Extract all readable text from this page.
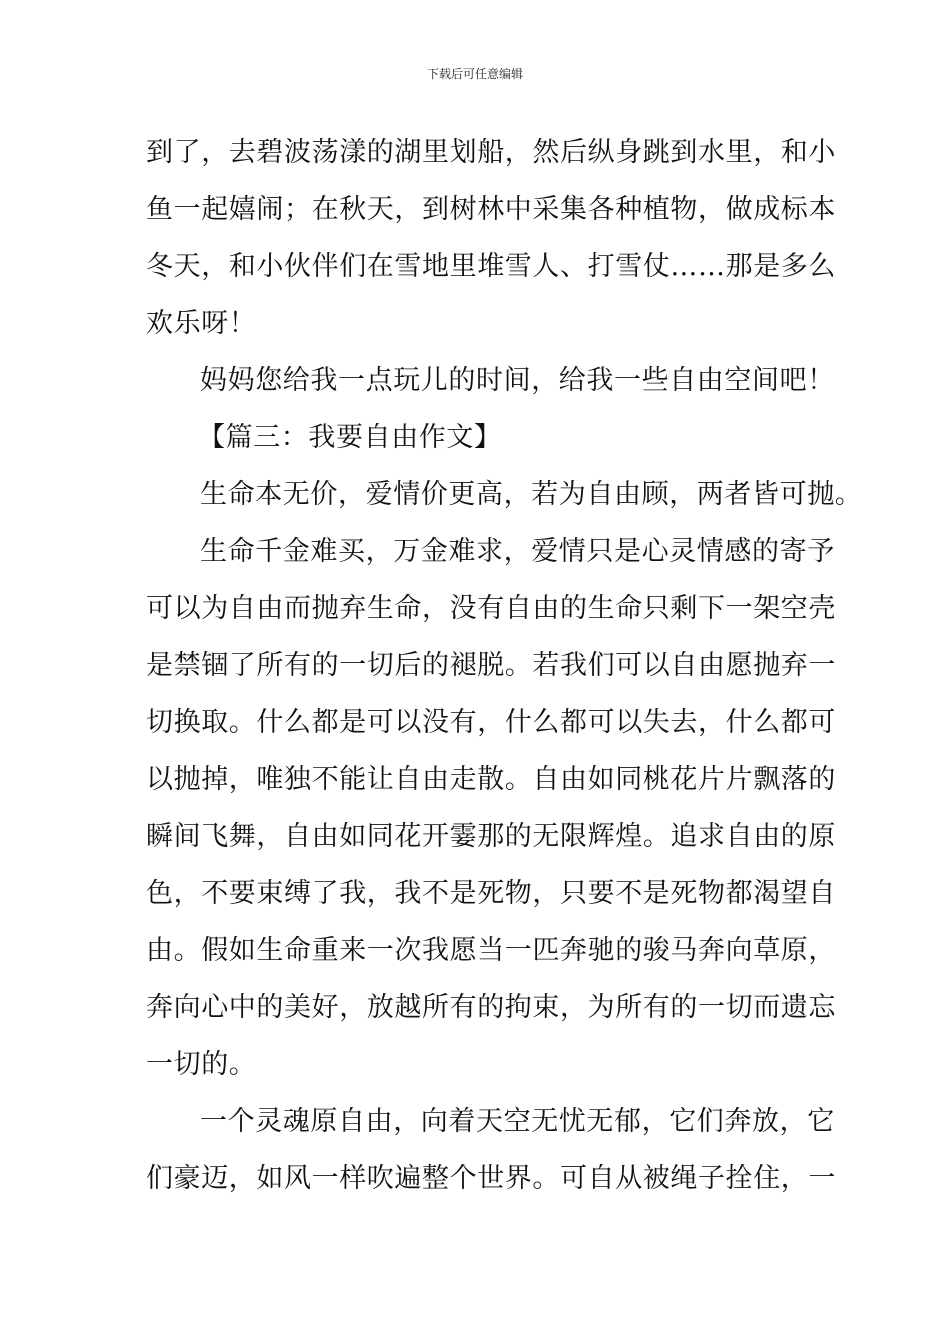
下载后可任意编辑
到了，去碧波荡漾的湖里划船，然后纵身跳到水里，和小
鱼一起嬉闹；在秋天，到树林中采集各种植物，做成标本
冬天，和小伙伴们在雪地里堆雪人、打雪仗……那是多么
欢乐呀！
妈妈您给我一点玩儿的时间，给我一些自由空间吧！
【篇三：我要自由作文】
生命本无价，爱情价更高，若为自由顾，两者皆可抛。
生命千金难买，万金难求，爱情只是心灵情感的寄予
可以为自由而抛弃生命，没有自由的生命只剩下一架空壳
是禁锢了所有的一切后的褪脱。若我们可以自由愿抛弃一
切换取。什么都是可以没有，什么都可以失去，什么都可
以抛掉，唯独不能让自由走散。自由如同桃花片片飘落的
瞬间飞舞，自由如同花开霎那的无限辉煌。追求自由的原
色，不要束缚了我，我不是死物，只要不是死物都渴望自
由。假如生命重来一次我愿当一匹奔驰的骏马奔向草原，
奔向心中的美好，放越所有的拘束，为所有的一切而遗忘
一切的。
一个灵魂原自由，向着天空无忧无郁，它们奔放，它
们豪迈，如风一样吹遍整个世界。可自从被绳子拴住，一
